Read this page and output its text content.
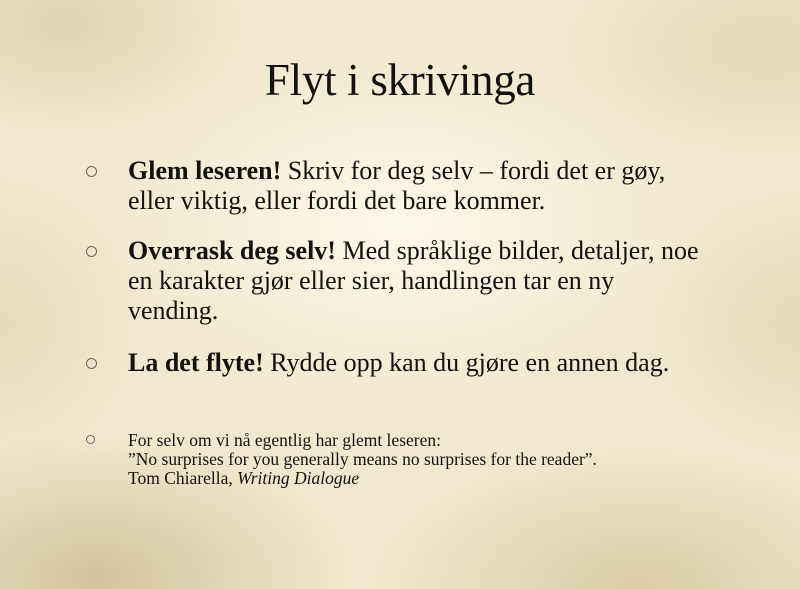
Flyt i skrivinga
Glem leseren! Skriv for deg selv – fordi det er gøy, eller viktig, eller fordi det bare kommer.
Overrask deg selv! Med språklige bilder, detaljer, noe en karakter gjør eller sier, handlingen tar en ny vending.
La det flyte! Rydde opp kan du gjøre en annen dag.
For selv om vi nå egentlig har glemt leseren:
”No surprises for you generally means no surprises for the reader”.
Tom Chiarella, Writing Dialogue
